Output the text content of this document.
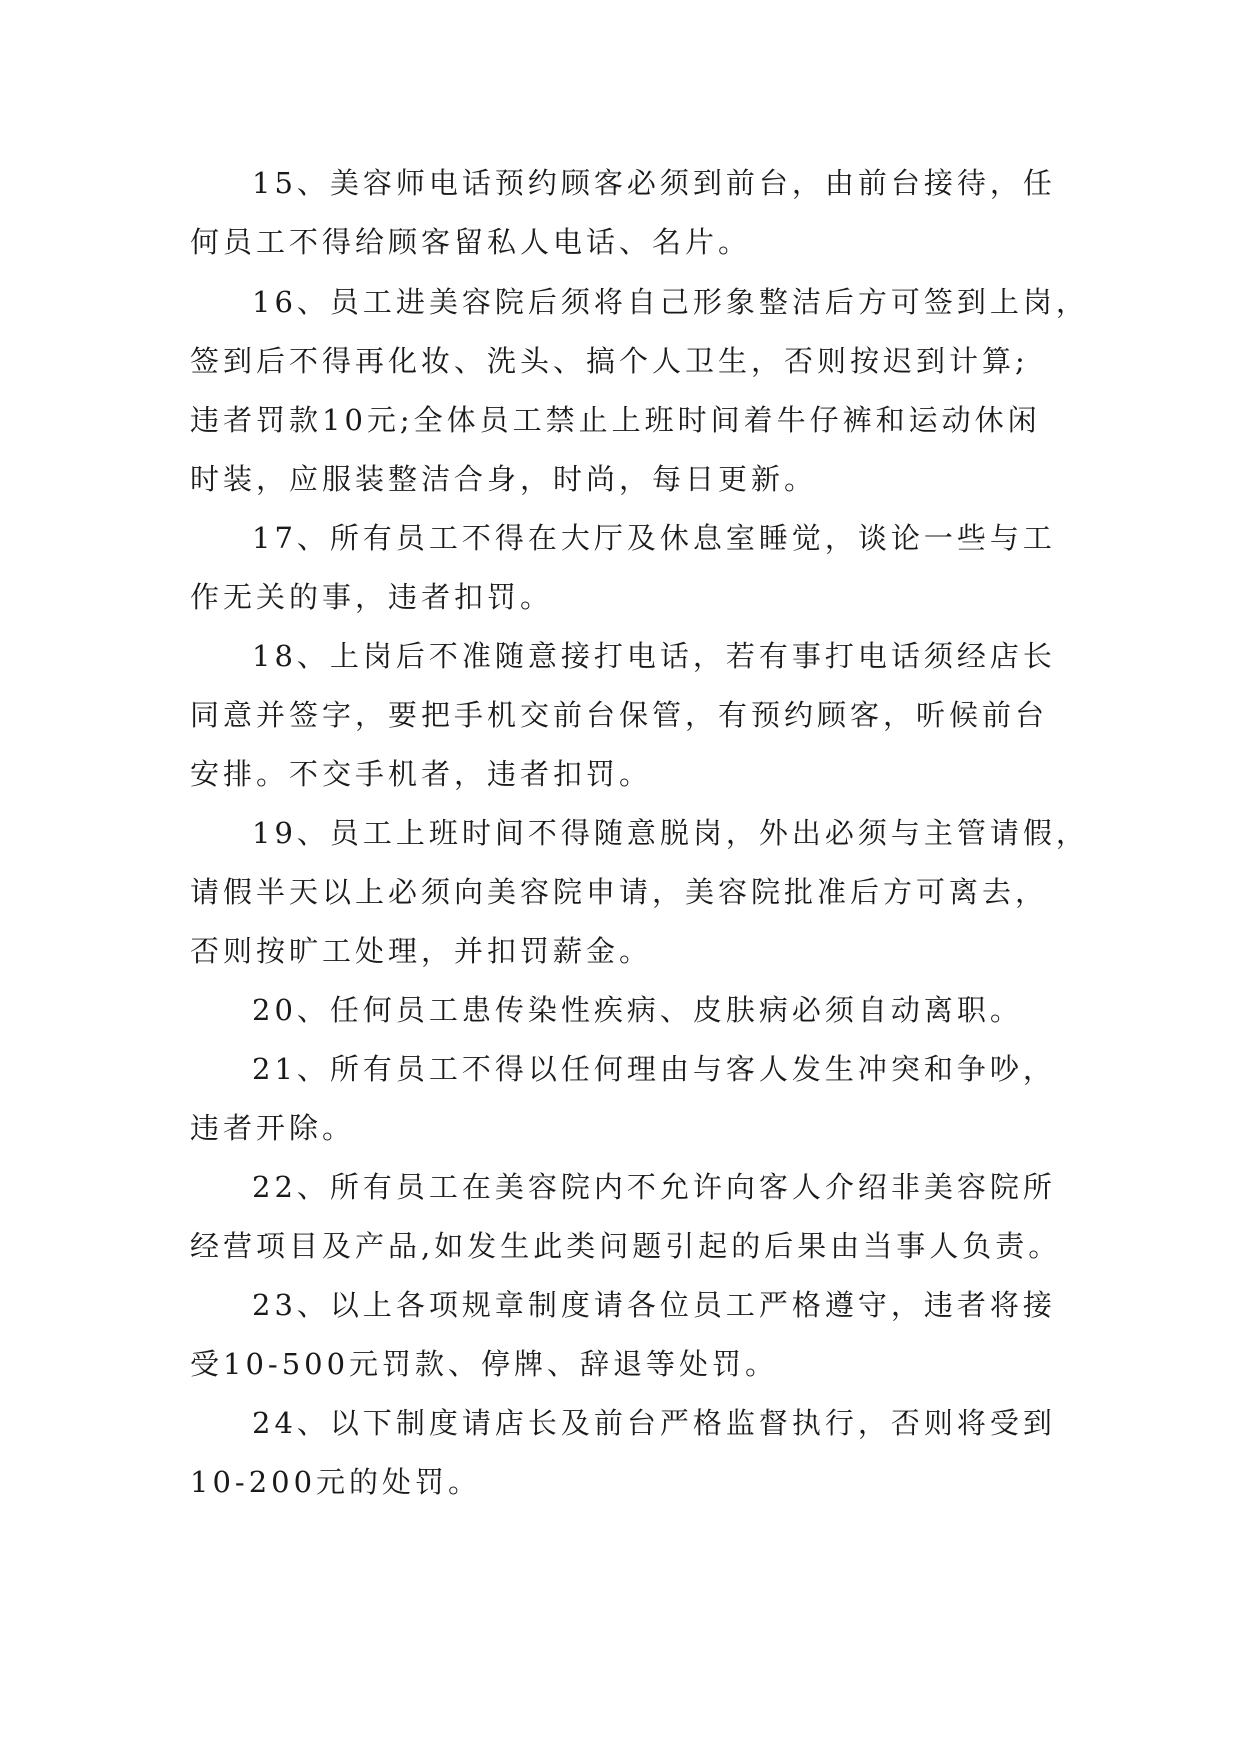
15、美容师电话预约顾客必须到前台，由前台接待，任

何员工不得给顾客留私人电话、名片。

16、员工进美容院后须将自己形象整洁后方可签到上岗，

签到后不得再化妆、洗头、搞个人卫生，否则按迟到计算;

违者罚款10元;全体员工禁止上班时间着牛仔裤和运动休闲

时装，应服装整洁合身，时尚，每日更新。

17、所有员工不得在大厅及休息室睡觉，谈论一些与工

作无关的事，违者扣罚。

18、上岗后不准随意接打电话，若有事打电话须经店长

同意并签字，要把手机交前台保管，有预约顾客，听候前台

安排。不交手机者，违者扣罚。

19、员工上班时间不得随意脱岗，外出必须与主管请假，

请假半天以上必须向美容院申请，美容院批准后方可离去，

否则按旷工处理，并扣罚薪金。

20、任何员工患传染性疾病、皮肤病必须自动离职。

21、所有员工不得以任何理由与客人发生冲突和争吵，

违者开除。

22、所有员工在美容院内不允许向客人介绍非美容院所

经营项目及产品,如发生此类问题引起的后果由当事人负责。

23、以上各项规章制度请各位员工严格遵守，违者将接

受10-500元罚款、停牌、辞退等处罚。

24、以下制度请店长及前台严格监督执行，否则将受到

10-200元的处罚。
